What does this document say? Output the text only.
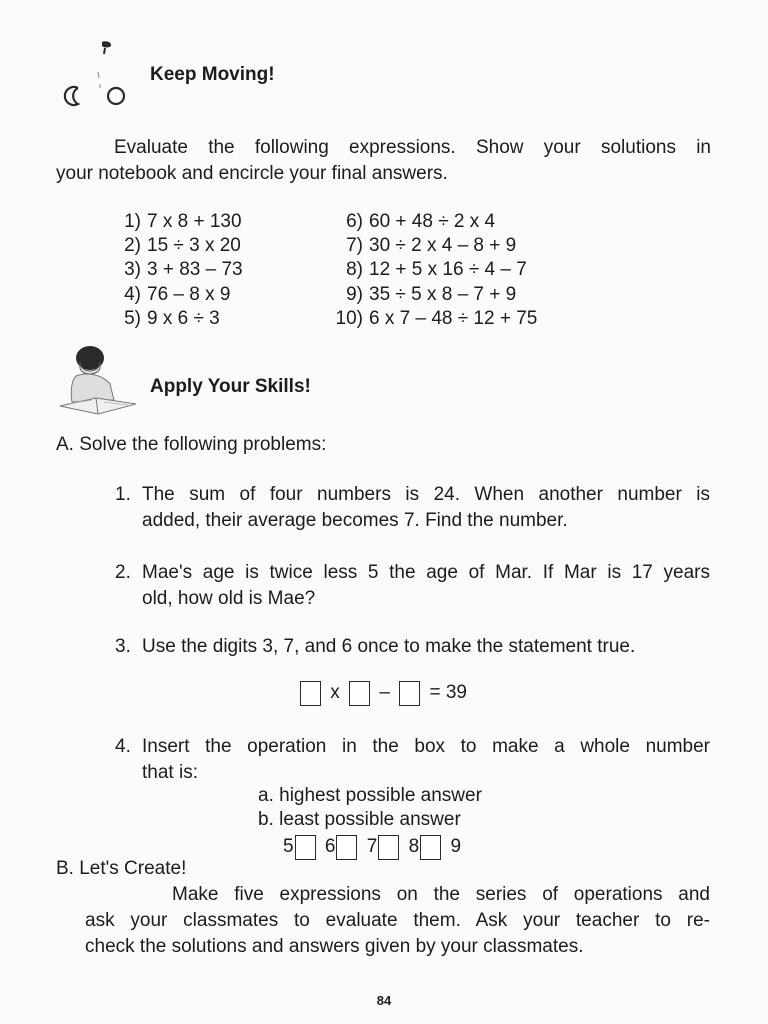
Keep Moving!
Evaluate the following expressions. Show your solutions in
your notebook and encircle your final answers.
1) 7 x 8 + 130
2) 15 ÷ 3 x 20
3) 3 + 83 – 73
4) 76 – 8 x 9
5) 9 x 6 ÷ 3
6) 60 + 48 ÷ 2 x 4
7) 30 ÷ 2 x 4 – 8 + 9
8) 12 + 5 x 16 ÷ 4 – 7
9) 35 ÷ 5 x 8 – 7 + 9
10) 6 x 7 – 48 ÷ 12 + 75
Apply Your Skills!
A. Solve the following problems:
1. The sum of four numbers is 24. When another number is
added, their average becomes 7. Find the number.
2. Mae's age is twice less 5 the age of Mar. If Mar is 17 years
old, how old is Mae?
3. Use the digits 3, 7, and 6 once to make the statement true.
x – = 39
4. Insert the operation in the box to make a whole number
that is:
a. highest possible answer
b. least possible answer
5 6 7 8 9
B. Let's Create!
Make five expressions on the series of operations and
ask your classmates to evaluate them. Ask your teacher to re-
check the solutions and answers given by your classmates.
84
